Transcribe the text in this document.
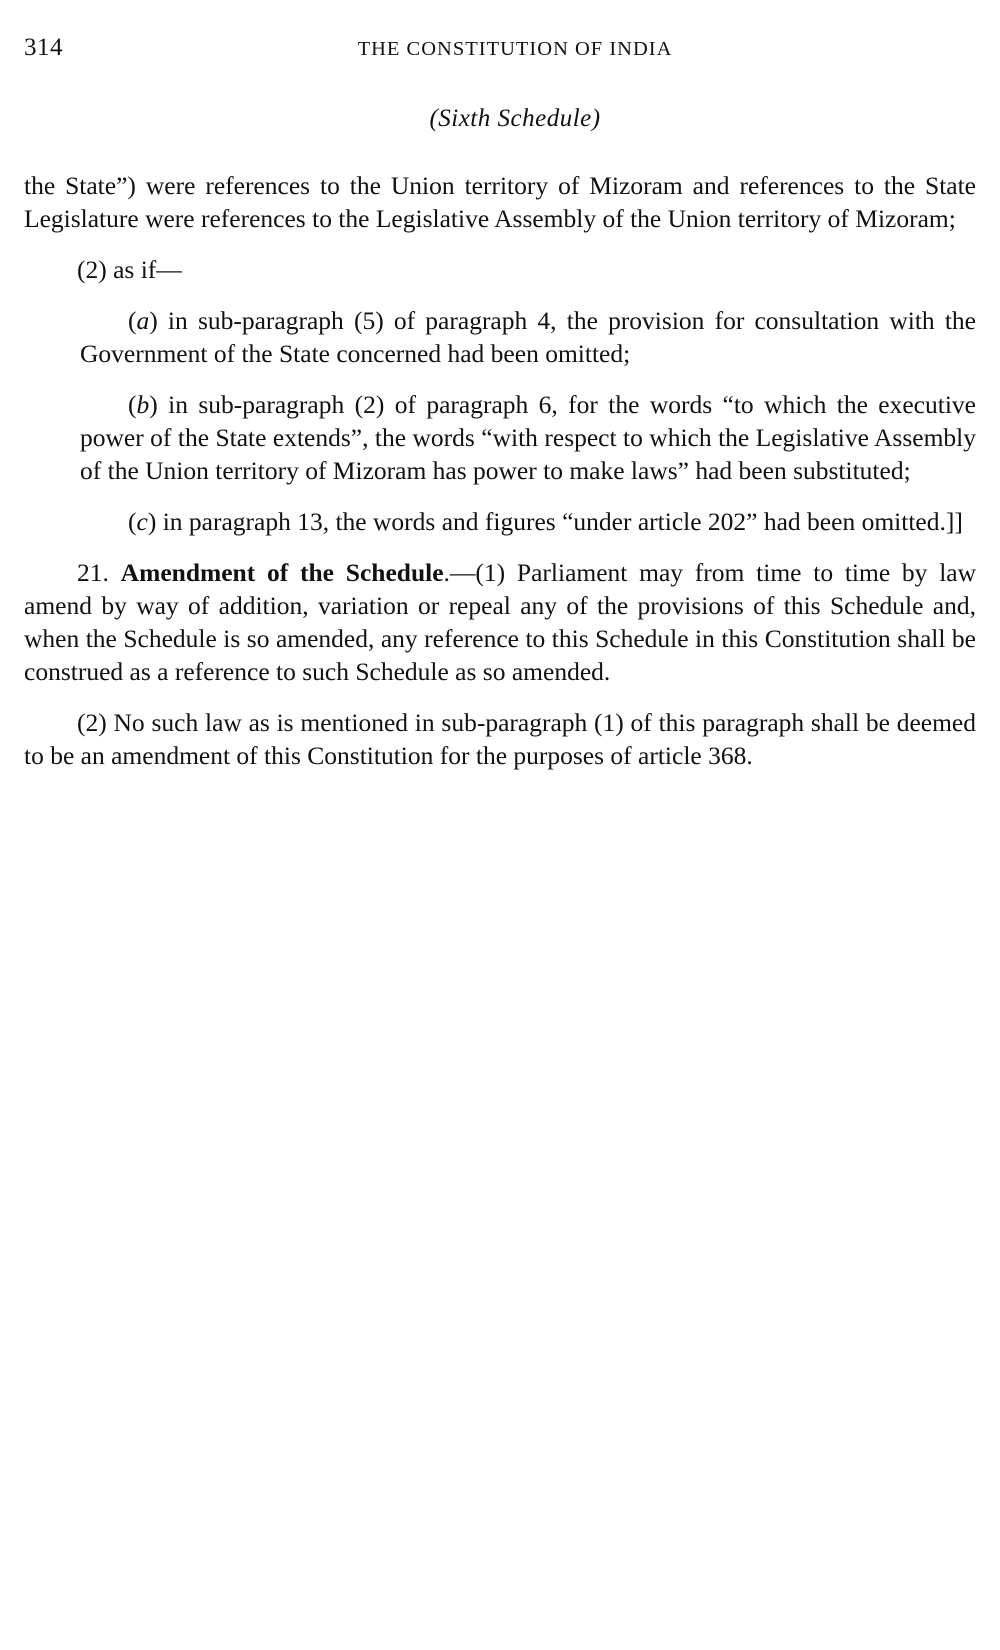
314	THE CONSTITUTION OF INDIA
(Sixth Schedule)

the State”) were references to the Union territory of Mizoram and references to the State Legislature were references to the Legislative Assembly of the Union territory of Mizoram;

(2) as if—

(a) in sub-paragraph (5) of paragraph 4, the provision for consultation with the Government of the State concerned had been omitted;

(b) in sub-paragraph (2) of paragraph 6, for the words “to which the executive power of the State extends”, the words “with respect to which the Legislative Assembly of the Union territory of Mizoram has power to make laws” had been substituted;

(c) in paragraph 13, the words and figures “under article 202” had been omitted.]]

21. Amendment of the Schedule.—(1) Parliament may from time to time by law amend by way of addition, variation or repeal any of the provisions of this Schedule and, when the Schedule is so amended, any reference to this Schedule in this Constitution shall be construed as a reference to such Schedule as so amended.

(2) No such law as is mentioned in sub-paragraph (1) of this paragraph shall be deemed to be an amendment of this Constitution for the purposes of article 368.
